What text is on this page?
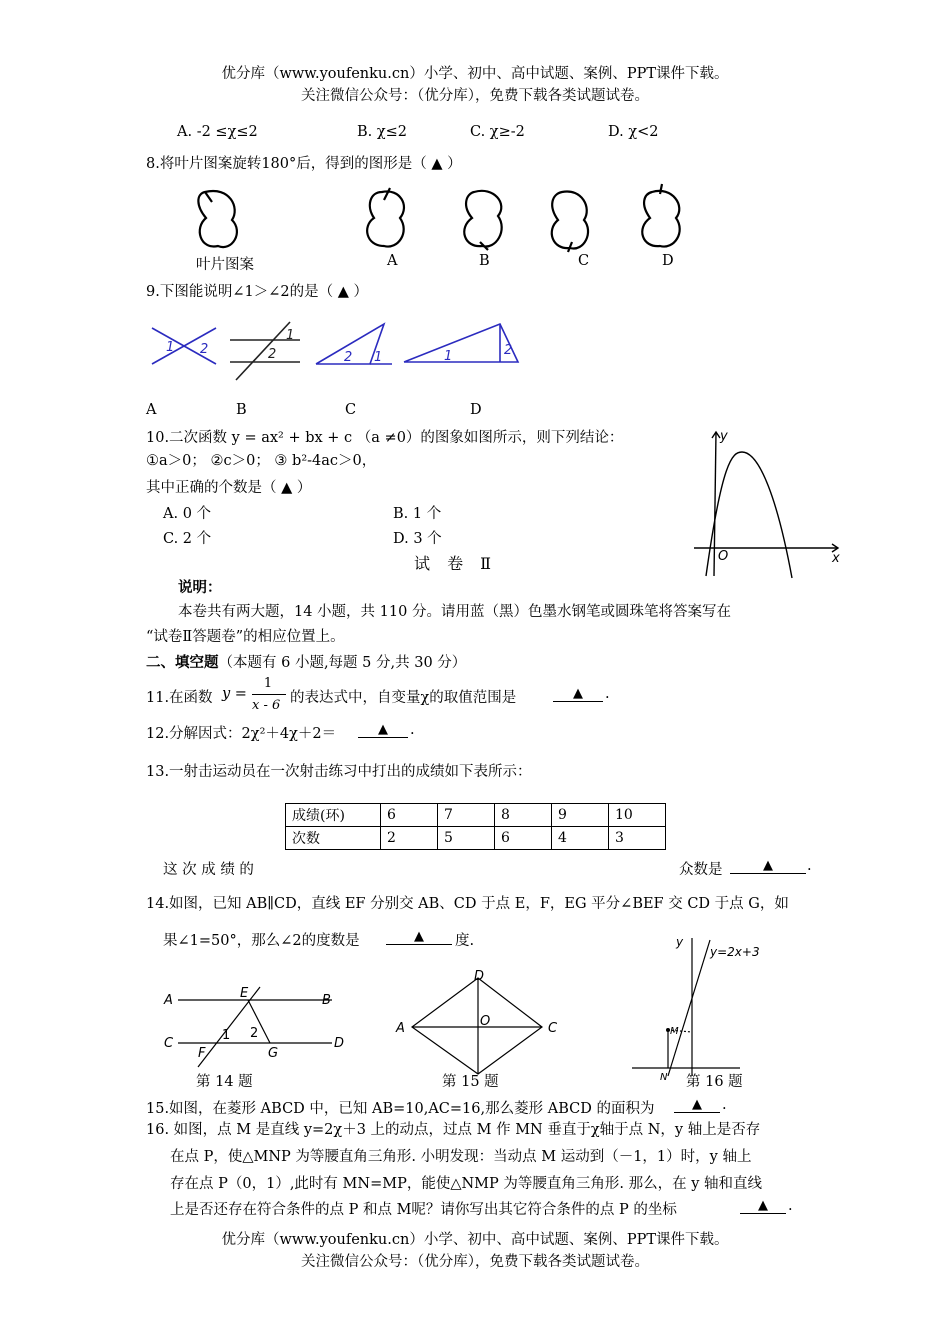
优分库（www.youfenku.cn）小学、初中、高中试题、案例、PPT课件下载。
关注微信公众号：（优分库），免费下载各类试题试卷。
A. -2 ≤χ≤2	B. χ≤2	C. χ≥-2	D. χ<2
8.将叶片图案旋转180°后，得到的图形是（ ▲ ）
叶片图案	A	B	C	D
9.下图能说明∠1＞∠2的是（ ▲ ）
1 2
1
2	2 1	1	2
A	B	C	D
10.二次函数 y = ax² + bx + c （a ≠0）的图象如图所示，则下列结论：
①a＞0； ②c＞0； ③ b²-4ac＞0，
其中正确的个数是（ ▲ ）
A. 0 个	B. 1 个
C. 2 个	D. 3 个
y
x
O
试 卷 Ⅱ
说明：
本卷共有两大题，14 小题，共 110 分。请用蓝（黑）色墨水钢笔或圆珠笔将答案写在
“试卷Ⅱ答题卷”的相应位置上。
二、填空题（本题有 6 小题,每题 5 分,共 30 分）
11.在函数 y =
1
x - 6 的表达式中，自变量χ的取值范围是	▲	.
12.分解因式：2χ²＋4χ＋2＝	▲	.
13.一射击运动员在一次射击练习中打出的成绩如下表所示：
成绩(环)	6	7	8	9	10
次数	2	5	6	4	3
这 次 成 绩 的	众数是	▲	.
14.如图，已知 AB∥CD，直线 EF 分别交 AB、CD 于点 E，F，EG 平分∠BEF 交 CD 于点 G，如
果∠1=50°，那么∠2的度数是	▲	度.
A	B
E
C	D
F	G
1 2
第 14 题
D
A	C
O
第 15 题
y
y=2x+3
M
N 第 16 题
15.如图，在菱形 ABCD 中，已知 AB=10,AC=16,那么菱形 ABCD 的面积为	▲	.
16. 如图，点 M 是直线 y=2χ＋3 上的动点，过点 M 作 MN 垂直于χ轴于点 N，y 轴上是否存
在点 P，使△MNP 为等腰直角三角形. 小明发现：当动点 M 运动到（－1，1）时，y 轴上
存在点 P（0，1）,此时有 MN=MP，能使△NMP 为等腰直角三角形. 那么，在 y 轴和直线
上是否还存在符合条件的点 P 和点 M呢？请你写出其它符合条件的点 P 的坐标	▲	.
优分库（www.youfenku.cn）小学、初中、高中试题、案例、PPT课件下载。
关注微信公众号：（优分库），免费下载各类试题试卷。
